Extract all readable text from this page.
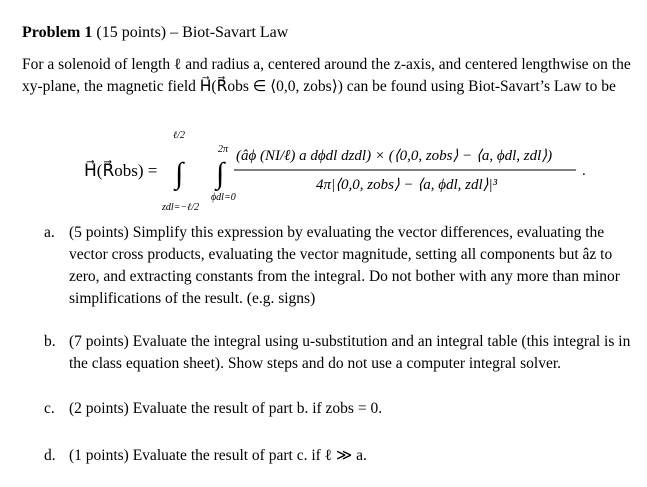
Problem 1 (15 points) – Biot-Savart Law
For a solenoid of length ℓ and radius a, centered around the z-axis, and centered lengthwise on the xy-plane, the magnetic field H⃗(R⃗obs ∈ ⟨0,0, zobs⟩) can be found using Biot-Savart’s Law to be
H⃗(R⃗obs) =
ℓ/2
∫
zdl=−ℓ/2
2π
∫
ϕdl=0
(âϕ (NI/ℓ) a dϕdl dzdl) × (⟨0,0, zobs⟩ − ⟨a, ϕdl, zdl⟩)
4π|⟨0,0, zobs⟩ − ⟨a, ϕdl, zdl⟩|³
.
a. (5 points) Simplify this expression by evaluating the vector differences, evaluating the vector cross products, evaluating the vector magnitude, setting all components but âz to zero, and extracting constants from the integral. Do not bother with any more than minor simplifications of the result. (e.g. signs)
b. (7 points) Evaluate the integral using u-substitution and an integral table (this integral is in the class equation sheet). Show steps and do not use a computer integral solver.
c. (2 points) Evaluate the result of part b. if zobs = 0.
d. (1 points) Evaluate the result of part c. if ℓ ≫ a.
